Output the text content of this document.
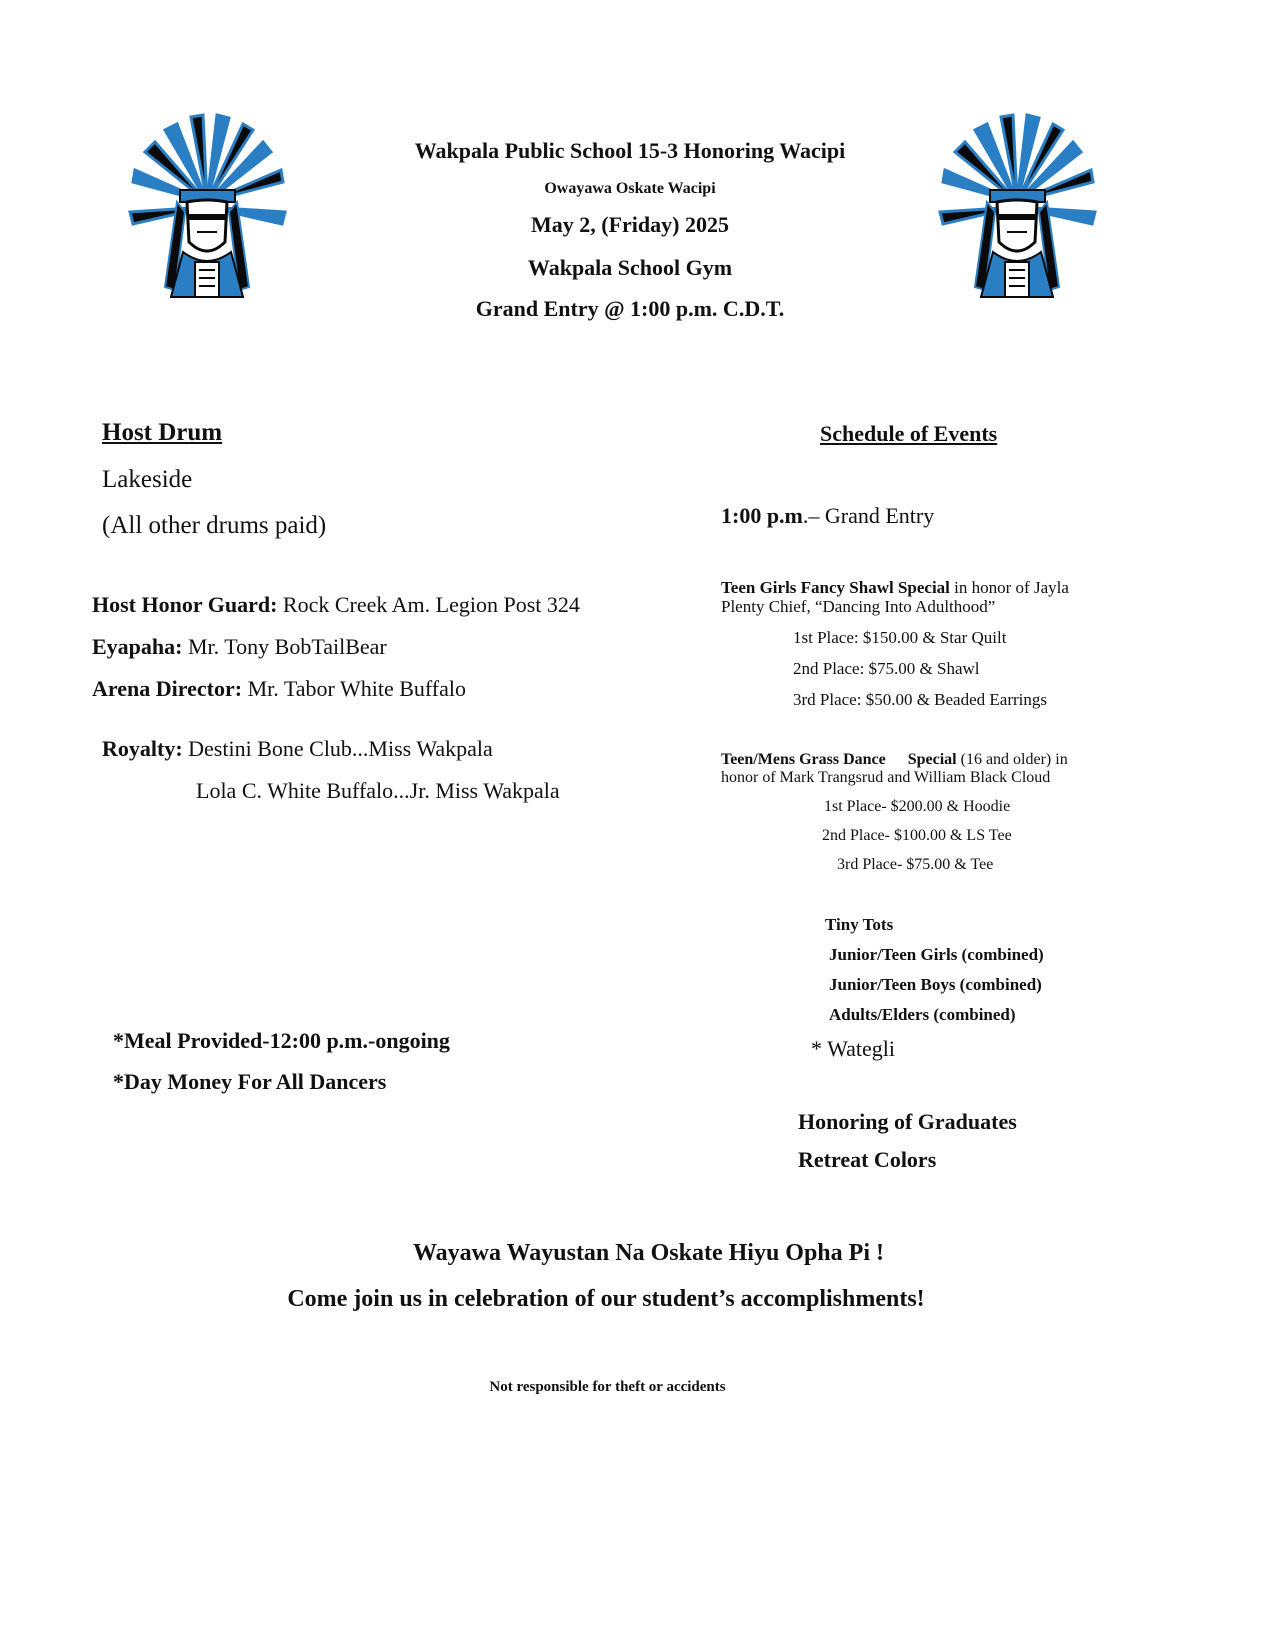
Wakpala Public School 15-3 Honoring Wacipi
Owayawa Oskate Wacipi
May 2, (Friday) 2025
Wakpala School Gym
Grand Entry @ 1:00 p.m. C.D.T.
Host Drum
Lakeside
(All other drums paid)
Host Honor Guard: Rock Creek Am. Legion Post 324
Eyapaha: Mr. Tony BobTailBear
Arena Director: Mr. Tabor White Buffalo
Royalty: Destini Bone Club...Miss Wakpala
Lola C. White Buffalo...Jr. Miss Wakpala
*Meal Provided-12:00 p.m.-ongoing
*Day Money For All Dancers
Schedule of Events
1:00 p.m.– Grand Entry
Teen Girls Fancy Shawl Special in honor of Jayla
Plenty Chief, “Dancing Into Adulthood”
1st Place: $150.00 & Star Quilt
2nd Place: $75.00 & Shawl
3rd Place: $50.00 & Beaded Earrings
Teen/Mens Grass Dance Special (16 and older) in
honor of Mark Trangsrud and William Black Cloud
1st Place- $200.00 & Hoodie
2nd Place- $100.00 & LS Tee
3rd Place- $75.00 & Tee
Tiny Tots
Junior/Teen Girls (combined)
Junior/Teen Boys (combined)
Adults/Elders (combined)
* Wategli
Honoring of Graduates
Retreat Colors
Wayawa Wayustan Na Oskate Hiyu Opha Pi !
Come join us in celebration of our student’s accomplishments!
Not responsible for theft or accidents
